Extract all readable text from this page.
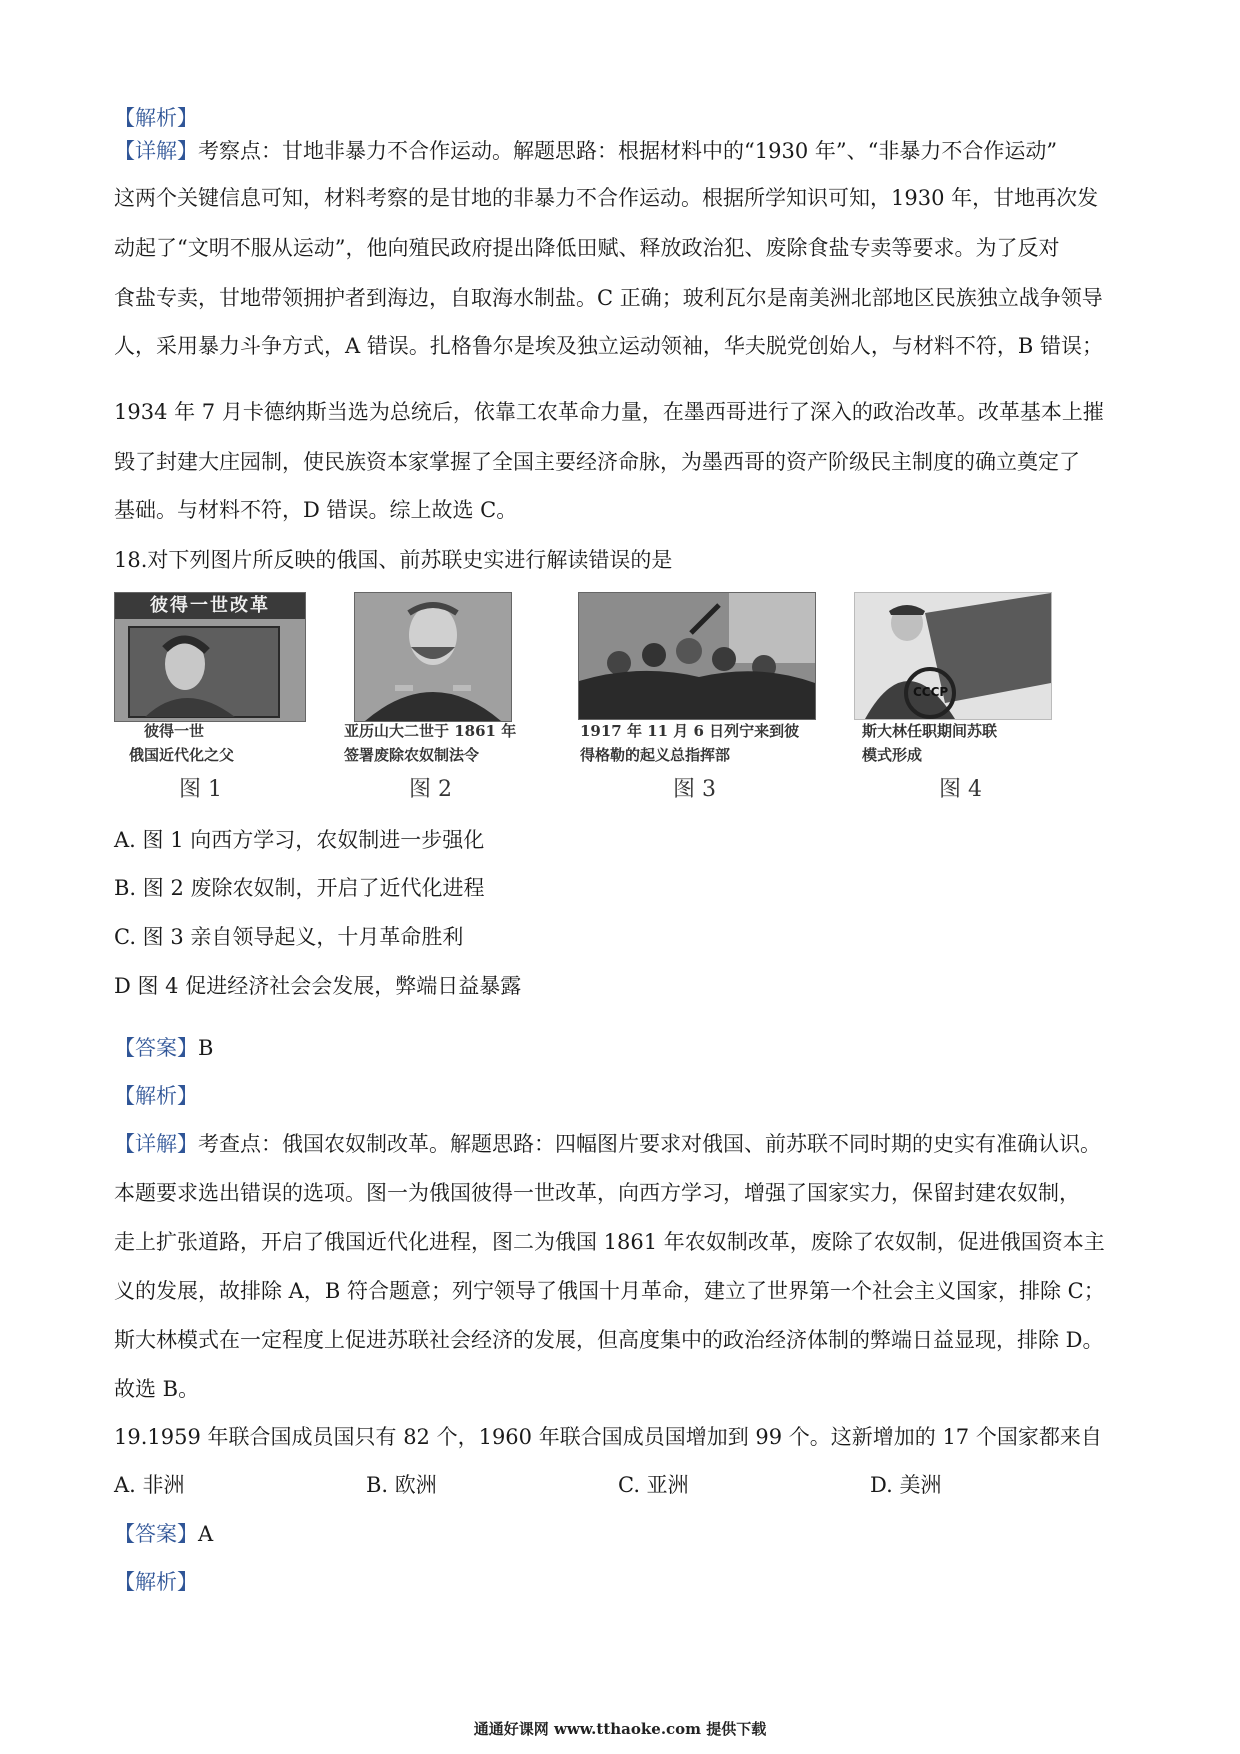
【解析】
【详解】考察点：甘地非暴力不合作运动。解题思路：根据材料中的“1930 年”、“非暴力不合作运动”
这两个关键信息可知，材料考察的是甘地的非暴力不合作运动。根据所学知识可知，1930 年，甘地再次发
动起了“文明不服从运动”，他向殖民政府提出降低田赋、释放政治犯、废除食盐专卖等要求。为了反对
食盐专卖，甘地带领拥护者到海边，自取海水制盐。C 正确；玻利瓦尔是南美洲北部地区民族独立战争领导
人，采用暴力斗争方式，A 错误。扎格鲁尔是埃及独立运动领袖，华夫脱党创始人，与材料不符，B 错误；
1934 年 7 月卡德纳斯当选为总统后，依靠工农革命力量，在墨西哥进行了深入的政治改革。改革基本上摧
毁了封建大庄园制，使民族资本家掌握了全国主要经济命脉，为墨西哥的资产阶级民主制度的确立奠定了
基础。与材料不符，D 错误。综上故选 C。
18.对下列图片所反映的俄国、前苏联史实进行解读错误的是
彼得一世改革
彼得一世
俄国近代化之父
图 1
亚历山大二世于 1861 年
签署废除农奴制法令
图 2
1917 年 11 月 6 日列宁来到彼
得格勒的起义总指挥部
图 3
CCCP
斯大林任职期间苏联
模式形成
图 4
A. 图 1 向西方学习，农奴制进一步强化
B. 图 2 废除农奴制，开启了近代化进程
C. 图 3 亲自领导起义，十月革命胜利
D 图 4 促进经济社会会发展，弊端日益暴露
【答案】B
【解析】
【详解】考查点：俄国农奴制改革。解题思路：四幅图片要求对俄国、前苏联不同时期的史实有准确认识。
本题要求选出错误的选项。图一为俄国彼得一世改革，向西方学习，增强了国家实力，保留封建农奴制，
走上扩张道路，开启了俄国近代化进程，图二为俄国 1861 年农奴制改革，废除了农奴制，促进俄国资本主
义的发展，故排除 A，B 符合题意；列宁领导了俄国十月革命，建立了世界第一个社会主义国家，排除 C；
斯大林模式在一定程度上促进苏联社会经济的发展，但高度集中的政治经济体制的弊端日益显现，排除 D。
故选 B。
19.1959 年联合国成员国只有 82 个，1960 年联合国成员国增加到 99 个。这新增加的 17 个国家都来自
A. 非洲	B. 欧洲	C. 亚洲	D. 美洲
【答案】A
【解析】
通通好课网 www.tthaoke.com 提供下载
